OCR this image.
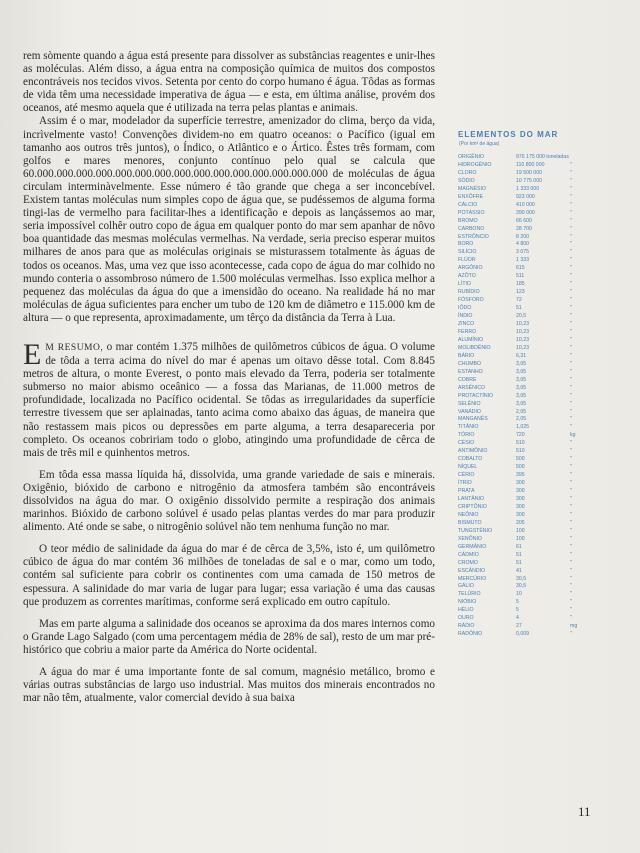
rem sòmente quando a água está presente para dissolver as substâncias reagentes e unir-lhes as moléculas. Além disso, a água entra na composição química de muitos dos compostos encontráveis nos tecidos vivos. Setenta por cento do corpo humano é água. Tôdas as formas de vida têm uma necessidade imperativa de água — e esta, em última análise, provém dos oceanos, até mesmo aquela que é utilizada na terra pelas plantas e animais.

Assim é o mar, modelador da superfície terrestre, amenizador do clima, berço da vida, incrìvelmente vasto! Convenções dividem-no em quatro oceanos: o Pacífico (igual em tamanho aos outros três juntos), o Índico, o Atlântico e o Ártico. Êstes três formam, com golfos e mares menores, conjunto contínuo pelo qual se calcula que 60.000.000.000.000.000.000.000.000.000.000.000.000.000.000.000 de moléculas de água circulam interminàvelmente. Esse número é tão grande que chega a ser inconcebível. Existem tantas moléculas num simples copo de água que, se pudéssemos de alguma forma tingi-las de vermelho para facilitar-lhes a identificação e depois as lançássemos ao mar, seria impossível colhêr outro copo de água em qualquer ponto do mar sem apanhar de nôvo boa quantidade das mesmas moléculas vermelhas. Na verdade, seria preciso esperar muitos milhares de anos para que as moléculas originais se misturassem totalmente às águas de todos os oceanos. Mas, uma vez que isso acontecesse, cada copo de água do mar colhido no mundo conteria o assombroso número de 1.500 moléculas vermelhas. Isso explica melhor a pequenez das moléculas da água do que a imensidão do oceano. Na realidade há no mar moléculas de água suficientes para encher um tubo de 120 km de diâmetro e 115.000 km de altura — o que representa, aproximadamente, um têrço da distância da Terra à Lua.

E M RESUMO, o mar contém 1.375 milhões de quilômetros cúbicos de água. O volume de tôda a terra acima do nível do mar é apenas um oitavo dêsse total. Com 8.845 metros de altura, o monte Everest, o ponto mais elevado da Terra, poderia ser totalmente submerso no maior abismo oceânico — a fossa das Marianas, de 11.000 metros de profundidade, localizada no Pacífico ocidental. Se tôdas as irregularidades da superfície terrestre tivessem que ser aplainadas, tanto acima como abaixo das águas, de maneira que não restassem mais picos ou depressões em parte alguma, a terra desapareceria por completo. Os oceanos cobririam todo o globo, atingindo uma profundidade de cêrca de mais de três mil e quinhentos metros.

Em tôda essa massa líquida há, dissolvida, uma grande variedade de sais e minerais. Oxigênio, bióxido de carbono e nitrogênio da atmosfera também são encontráveis dissolvidos na água do mar. O oxigênio dissolvido permite a respiração dos animais marinhos. Bióxido de carbono solúvel é usado pelas plantas verdes do mar para produzir alimento. Até onde se sabe, o nitrogênio solúvel não tem nenhuma função no mar.

O teor médio de salinidade da água do mar é de cêrca de 3,5%, isto é, um quilômetro cúbico de água do mar contém 36 milhões de toneladas de sal e o mar, como um todo, contém sal suficiente para cobrir os continentes com uma camada de 150 metros de espessura. A salinidade do mar varia de lugar para lugar; essa variação é uma das causas que produzem as correntes marítimas, conforme será explicado em outro capítulo.

Mas em parte alguma a salinidade dos oceanos se aproxima da dos mares internos como o Grande Lago Salgado (com uma percentagem média de 28% de sal), resto de um mar pré-histórico que cobriu a maior parte da América do Norte ocidental.

A água do mar é uma importante fonte de sal comum, magnésio metálico, bromo e várias outras substâncias de largo uso industrial. Mas muitos dos minerais encontrados no mar não têm, atualmente, valor comercial devido à sua baixa

ELEMENTOS DO MAR
(Por km³ de água)
ORIGÊNIO	976 175 000 toneladas	
HIDROGÊNIO	110 800 000	"
CLORO	19 500 000	"
SÓDIO	10 775 000	"
MAGNÉSIO	1 333 000	"
ENXÔFRE	923 000	"
CÁLCIO	410 000	"
POTÁSSIO	390 000	"
BROMO	66 600	"
CARBONO	28 700	"
ESTRÔNCIO	8 200	"
BORO	4 800	"
SILÍCIO	3 075	"
FLÚOR	1 333	"
ARGÔNIO	615	"
AZÔTO	511	"
LÍTIO	185	"
RUBÍDIO	123	"
FÓSFORO	72	"
IÔDO	51	"
ÍNDIO	20,5	"
ZINCO	10,23	"
FERRO	10,23	"
ALUMÍNIO	10,23	"
MOLIBDÊNIO	10,23	"
BÁRIO	6,31	"
CHUMBO	3,05	"
ESTANHO	3,05	"
COBRE	3,05	"
ARSÊNICO	3,05	"
PROTACTÍNIO	3,05	"
SELÊNIO	3,05	"
VANÁDIO	2,05	"
MANGANÊS	2,05	"
TITÂNIO	1,025	"
TÓRIO	720	kg
CÉSIO	510	"
ANTIMÔNIO	510	"
COBALTO	500	"
NÍQUEL	500	"
CÉRIO	395	"
ÍTRIO	300	"
PRATA	300	"
LANTÂNIO	300	"
CRIPTÔNIO	300	"
NEÔNIO	300	"
BISMUTO	205	"
TUNGSTÊNIO	100	"
XENÔNIO	100	"
GERMÂNIO	61	"
CÁDMIO	51	"
CROMO	51	"
ESCÂNDIO	41	"
MERCÚRIO	30,5	"
GÁLIO	30,5	"
TELÚRIO	10	"
NIÓBIO	5	"
HÉLIO	5	"
OURO	4	"
RÁDIO	27	mg
RADÔNIO	0,009	"
11
